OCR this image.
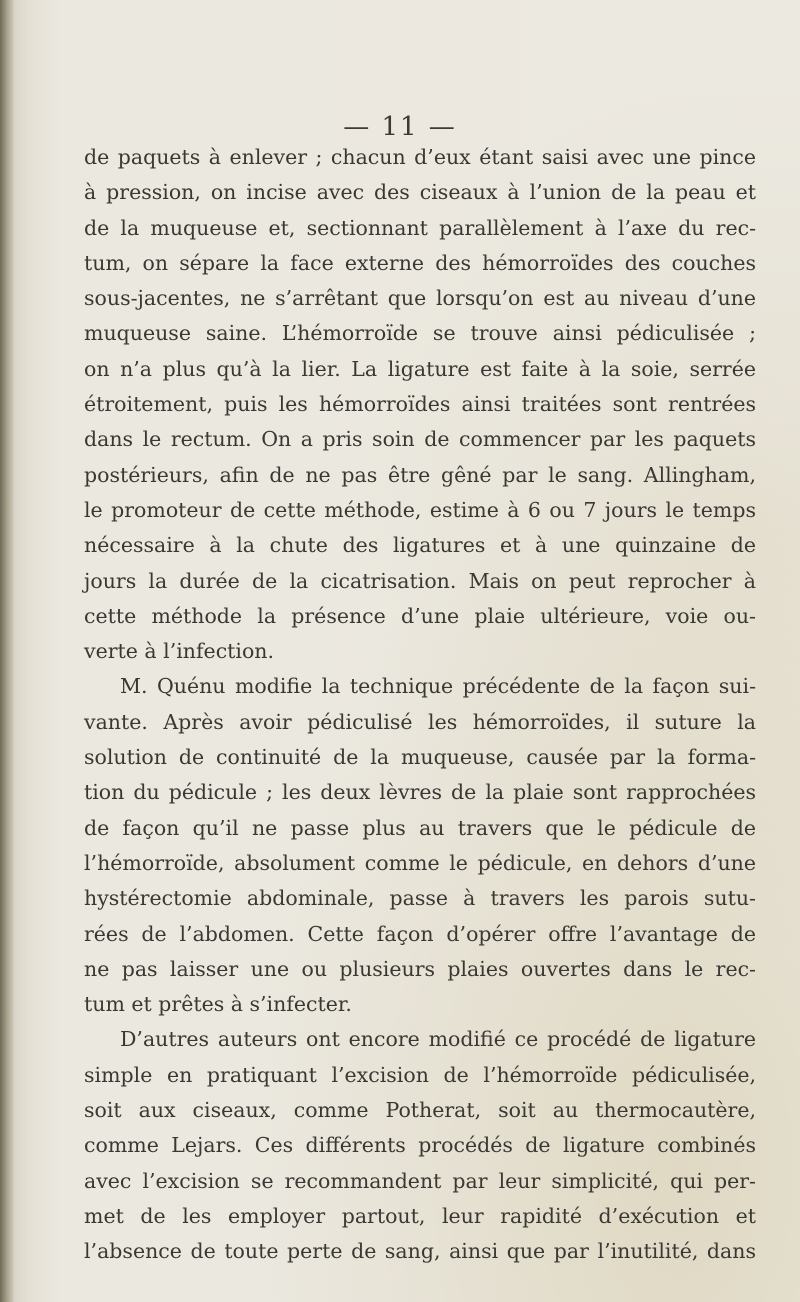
— 11 —
de paquets à enlever ; chacun d’eux étant saisi avec une pince
à pression, on incise avec des ciseaux à l’union de la peau et
de la muqueuse et, sectionnant parallèlement à l’axe du rec-
tum, on sépare la face externe des hémorroïdes des couches
sous-jacentes, ne s’arrêtant que lorsqu’on est au niveau d’une
muqueuse saine. L’hémorroïde se trouve ainsi pédiculisée ;
on n’a plus qu’à la lier. La ligature est faite à la soie, serrée
étroitement, puis les hémorroïdes ainsi traitées sont rentrées
dans le rectum. On a pris soin de commencer par les paquets
postérieurs, afin de ne pas être gêné par le sang. Allingham,
le promoteur de cette méthode, estime à 6 ou 7 jours le temps
nécessaire à la chute des ligatures et à une quinzaine de
jours la durée de la cicatrisation. Mais on peut reprocher à
cette méthode la présence d’une plaie ultérieure, voie ou-
verte à l’infection.
M. Quénu modifie la technique précédente de la façon sui-
vante. Après avoir pédiculisé les hémorroïdes, il suture la
solution de continuité de la muqueuse, causée par la forma-
tion du pédicule ; les deux lèvres de la plaie sont rapprochées
de façon qu’il ne passe plus au travers que le pédicule de
l’hémorroïde, absolument comme le pédicule, en dehors d’une
hystérectomie abdominale, passe à travers les parois sutu-
rées de l’abdomen. Cette façon d’opérer offre l’avantage de
ne pas laisser une ou plusieurs plaies ouvertes dans le rec-
tum et prêtes à s’infecter.
D’autres auteurs ont encore modifié ce procédé de ligature
simple en pratiquant l’excision de l’hémorroïde pédiculisée,
soit aux ciseaux, comme Potherat, soit au thermocautère,
comme Lejars. Ces différents procédés de ligature combinés
avec l’excision se recommandent par leur simplicité, qui per-
met de les employer partout, leur rapidité d’exécution et
l’absence de toute perte de sang, ainsi que par l’inutilité, dans
